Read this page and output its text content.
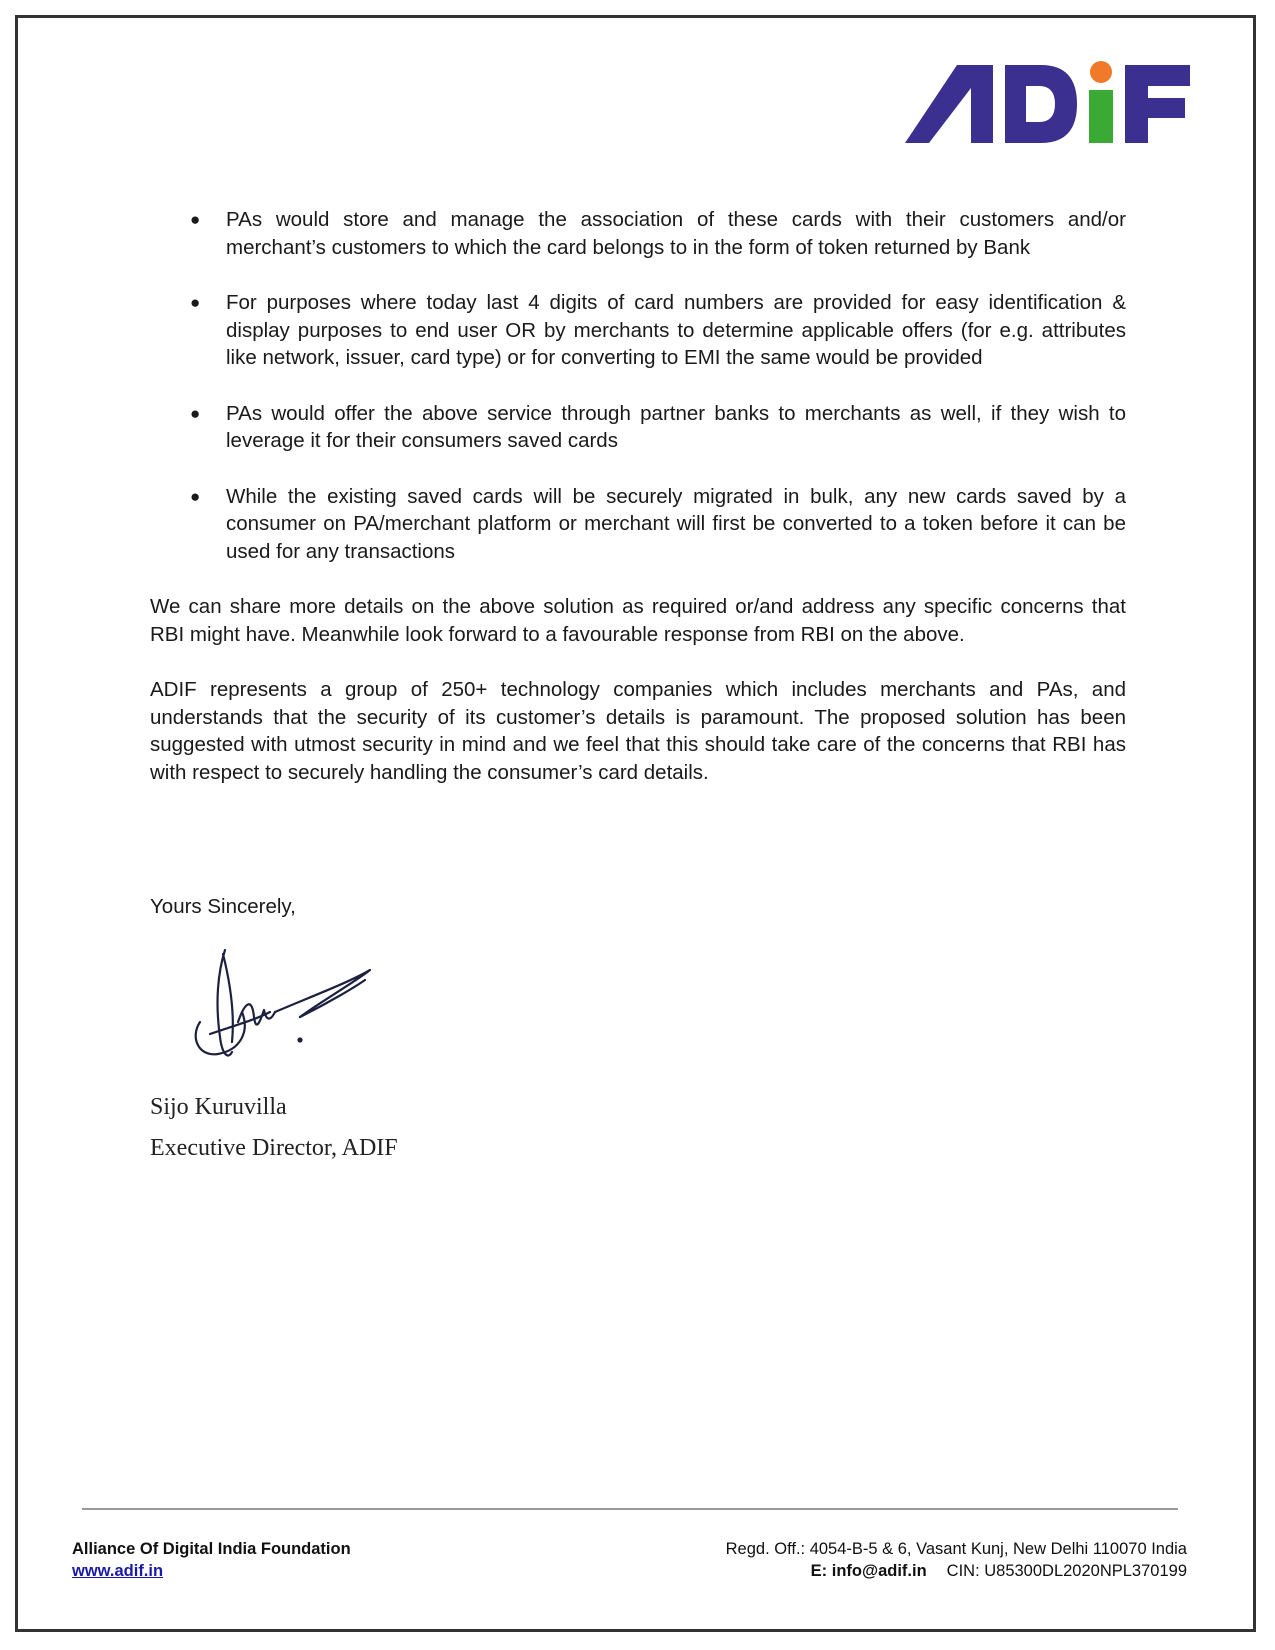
● PAs would store and manage the association of these cards with their customers and/or merchant’s customers to which the card belongs to in the form of token returned by Bank
● For purposes where today last 4 digits of card numbers are provided for easy identification & display purposes to end user OR by merchants to determine applicable offers (for e.g. attributes like network, issuer, card type) or for converting to EMI the same would be provided
● PAs would offer the above service through partner banks to merchants as well, if they wish to leverage it for their consumers saved cards
● While the existing saved cards will be securely migrated in bulk, any new cards saved by a consumer on PA/merchant platform or merchant will first be converted to a token before it can be used for any transactions

We can share more details on the above solution as required or/and address any specific concerns that RBI might have. Meanwhile look forward to a favourable response from RBI on the above.

ADIF represents a group of 250+ technology companies which includes merchants and PAs, and understands that the security of its customer’s details is paramount. The proposed solution has been suggested with utmost security in mind and we feel that this should take care of the concerns that RBI has with respect to securely handling the consumer’s card details.

Yours Sincerely,
Sijo Kuruvilla
Executive Director, ADIF
Alliance Of Digital India Foundation
www.adif.in
Regd. Off.: 4054-B-5 & 6, Vasant Kunj, New Delhi 110070 India
E: info@adif.in CIN: U85300DL2020NPL370199
